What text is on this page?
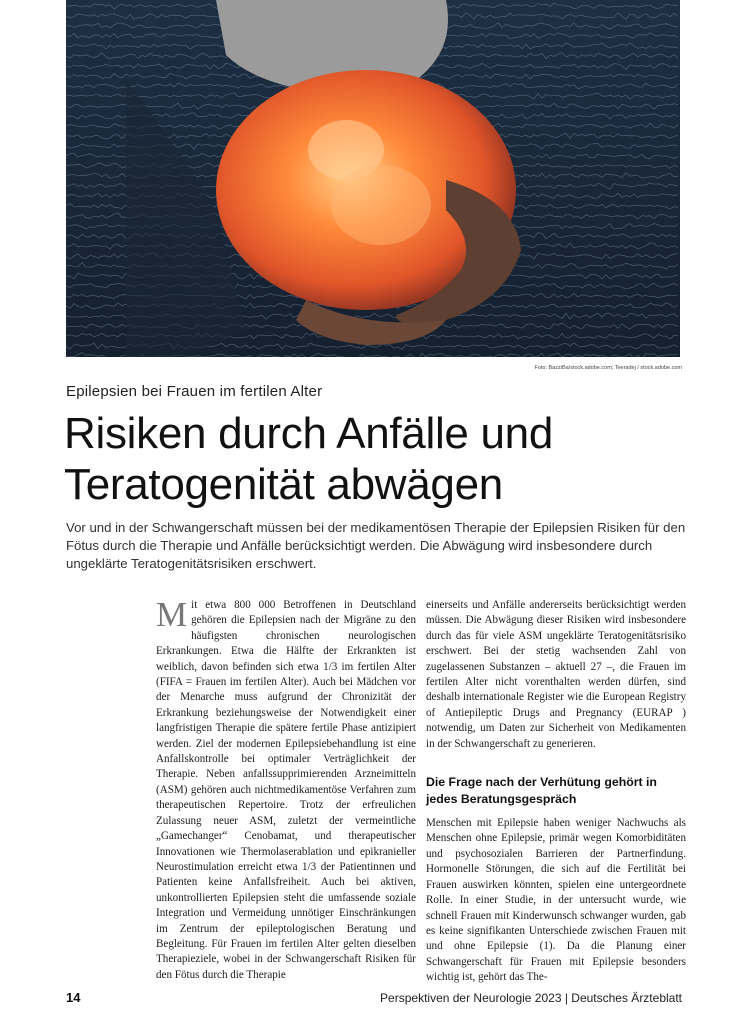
Foto: BazziBa/stock.adobe.com; Teeradej / stock.adobe.com
Epilepsien bei Frauen im fertilen Alter
Risiken durch Anfälle und Teratogenität abwägen

Vor und in der Schwangerschaft müssen bei der medikamentösen Therapie der Epilepsien Risiken für den Fötus durch die Therapie und Anfälle berücksichtigt werden. Die Abwägung wird insbesondere durch ungeklärte Teratogenitätsrisiken erschwert.

Mit etwa 800 000 Betroffenen in Deutschland gehören die Epilepsien nach der Migräne zu den häufigsten chronischen neurologischen Erkrankungen. Etwa die Hälfte der Erkrankten ist weiblich, davon befinden sich etwa 1/3 im fertilen Alter (FIFA = Frauen im fertilen Alter). Auch bei Mädchen vor der Menarche muss aufgrund der Chronizität der Erkrankung beziehungsweise der Notwendigkeit einer langfristigen Therapie die spätere fertile Phase antizipiert werden. Ziel der modernen Epilepsiebehandlung ist eine Anfallskontrolle bei optimaler Verträglichkeit der Therapie. Neben anfallssupprimierenden Arzneimitteln (ASM) gehören auch nichtmedikamentöse Verfahren zum therapeutischen Repertoire. Trotz der erfreulichen Zulassung neuer ASM, zuletzt der vermeintliche „Gamechanger“ Cenobamat, und therapeutischer Innovationen wie Thermolaserablation und epikranieller Neurostimulation erreicht etwa 1/3 der Patientinnen und Patienten keine Anfallsfreiheit. Auch bei aktiven, unkontrollierten Epilepsien steht die umfassende soziale Integration und Vermeidung unnötiger Einschränkungen im Zentrum der epileptologischen Beratung und Begleitung. Für Frauen im fertilen Alter gelten dieselben Therapieziele, wobei in der Schwangerschaft Risiken für den Fötus durch die Therapie

einerseits und Anfälle andererseits berücksichtigt werden müssen. Die Abwägung dieser Risiken wird insbesondere durch das für viele ASM ungeklärte Teratogenitätsrisiko erschwert. Bei der stetig wachsenden Zahl von zugelassenen Substanzen – aktuell 27 –, die Frauen im fertilen Alter nicht vorenthalten werden dürfen, sind deshalb internationale Register wie die European Registry of Antiepileptic Drugs and Pregnancy (EURAP ) notwendig, um Daten zur Sicherheit von Medikamenten in der Schwangerschaft zu generieren.

Die Frage nach der Verhütung gehört in jedes Beratungsgespräch

Menschen mit Epilepsie haben weniger Nachwuchs als Menschen ohne Epilepsie, primär wegen Komorbiditäten und psychosozialen Barrieren der Partnerfindung. Hormonelle Störungen, die sich auf die Fertilität bei Frauen auswirken könnten, spielen eine untergeordnete Rolle. In einer Studie, in der untersucht wurde, wie schnell Frauen mit Kinderwunsch schwanger wurden, gab es keine signifikanten Unterschiede zwischen Frauen mit und ohne Epilepsie (1). Da die Planung einer Schwangerschaft für Frauen mit Epilepsie besonders wichtig ist, gehört das The-

14	Perspektiven der Neurologie 2023 | Deutsches Ärzteblatt
